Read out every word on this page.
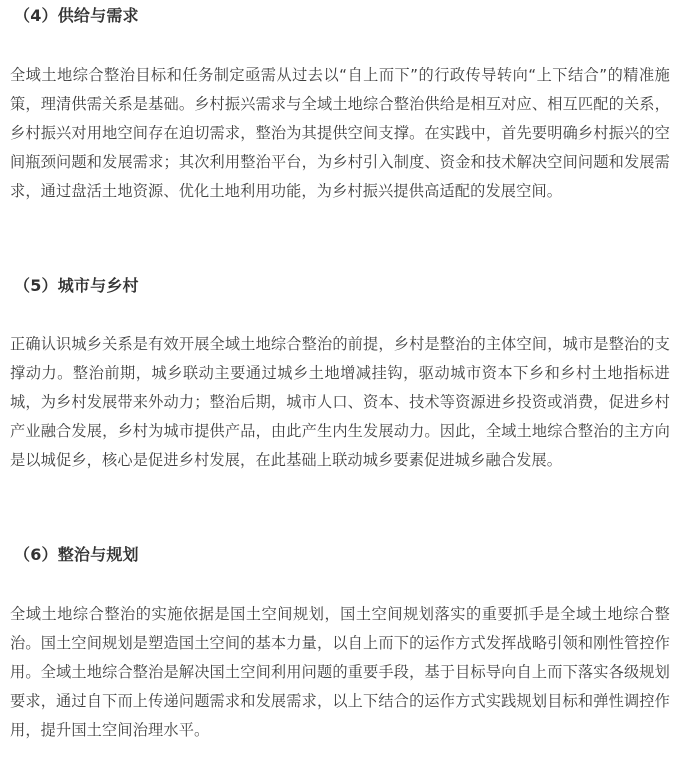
（4）供给与需求

全域土地综合整治目标和任务制定亟需从过去以“自上而下”的行政传导转向“上下结合”的精准施策，理清供需关系是基础。乡村振兴需求与全域土地综合整治供给是相互对应、相互匹配的关系，乡村振兴对用地空间存在迫切需求，整治为其提供空间支撑。在实践中，首先要明确乡村振兴的空间瓶颈问题和发展需求；其次利用整治平台，为乡村引入制度、资金和技术解决空间问题和发展需求，通过盘活土地资源、优化土地利用功能，为乡村振兴提供高适配的发展空间。

（5）城市与乡村

正确认识城乡关系是有效开展全域土地综合整治的前提，乡村是整治的主体空间，城市是整治的支撑动力。整治前期，城乡联动主要通过城乡土地增减挂钩，驱动城市资本下乡和乡村土地指标进城，为乡村发展带来外动力；整治后期，城市人口、资本、技术等资源进乡投资或消费，促进乡村产业融合发展，乡村为城市提供产品，由此产生内生发展动力。因此，全域土地综合整治的主方向是以城促乡，核心是促进乡村发展，在此基础上联动城乡要素促进城乡融合发展。

（6）整治与规划

全域土地综合整治的实施依据是国土空间规划，国土空间规划落实的重要抓手是全域土地综合整治。国土空间规划是塑造国土空间的基本力量，以自上而下的运作方式发挥战略引领和刚性管控作用。全域土地综合整治是解决国土空间利用问题的重要手段，基于目标导向自上而下落实各级规划要求，通过自下而上传递问题需求和发展需求，以上下结合的运作方式实践规划目标和弹性调控作用，提升国土空间治理水平。
